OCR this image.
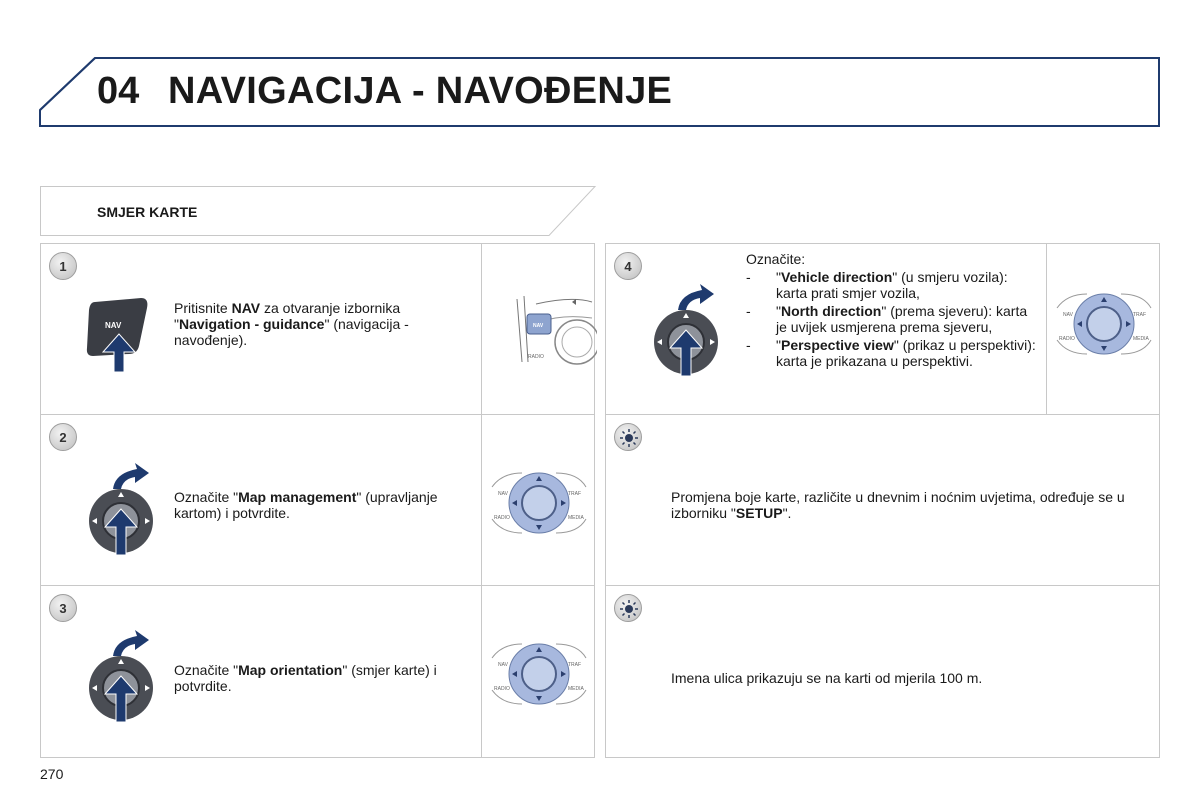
04 NAVIGACIJA - NAVOĐENJE
SMJER KARTE
1
NAV
Pritisnite NAV za otvaranje izbornika "Navigation - guidance" (navigacija - navođenje).
NAV
RADIO
2
Označite "Map management" (upravljanje kartom) i potvrdite.
NAV	TRAF
RADIO	MEDIA
3
Označite "Map orientation" (smjer karte) i potvrdite.
NAV	TRAF
RADIO	MEDIA
4	Označite:
- "Vehicle direction" (u smjeru vozila): karta prati smjer vozila,
- "North direction" (prema sjeveru): karta je uvijek usmjerena prema sjeveru,
- "Perspective view" (prikaz u perspektivi): karta je prikazana u perspektivi.
NAV	TRAF
RADIO	MEDIA
Promjena boje karte, različite u dnevnim i noćnim uvjetima, određuje se u izborniku "SETUP".
Imena ulica prikazuju se na karti od mjerila 100 m.
270
